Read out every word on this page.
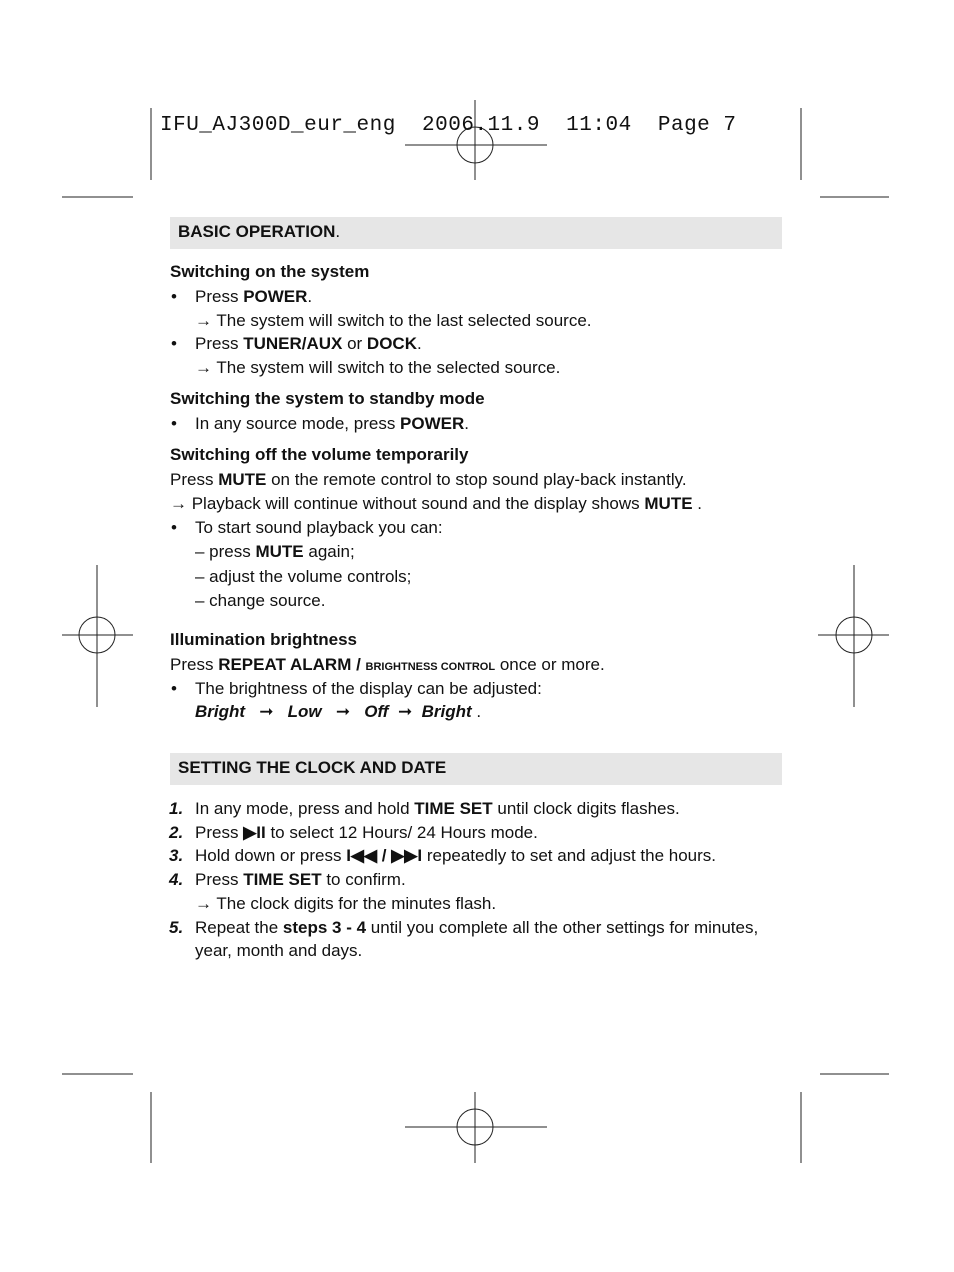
IFU_AJ300D_eur_eng  2006.11.9  11:04  Page 7
BASIC OPERATION.
Switching on the system
• Press POWER.
→ The system will switch to the last selected source.
• Press TUNER/AUX or DOCK.
→ The system will switch to the selected source.
Switching the system to standby mode
• In any source mode, press POWER.
Switching off the volume temporarily
Press MUTE on the remote control to stop sound play-back instantly.
→ Playback will continue without sound and the display shows MUTE .
• To start sound playback you can:
– press MUTE again;
– adjust the volume controls;
– change source.
Illumination brightness
Press REPEAT ALARM / BRIGHTNESS CONTROL once or more.
• The brightness of the display can be adjusted:
Bright ➞ Low ➞ Off ➞ Bright .
SETTING THE CLOCK AND DATE
1. In any mode, press and hold TIME SET until clock digits flashes.
2. Press ▶II to select 12 Hours/ 24 Hours mode.
3. Hold down or press I◀◀ / ▶▶I repeatedly to set and adjust the hours.
4. Press TIME SET to confirm.
→ The clock digits for the minutes flash.
5. Repeat the steps 3 - 4 until you complete all the other settings for minutes,
year, month and days.
